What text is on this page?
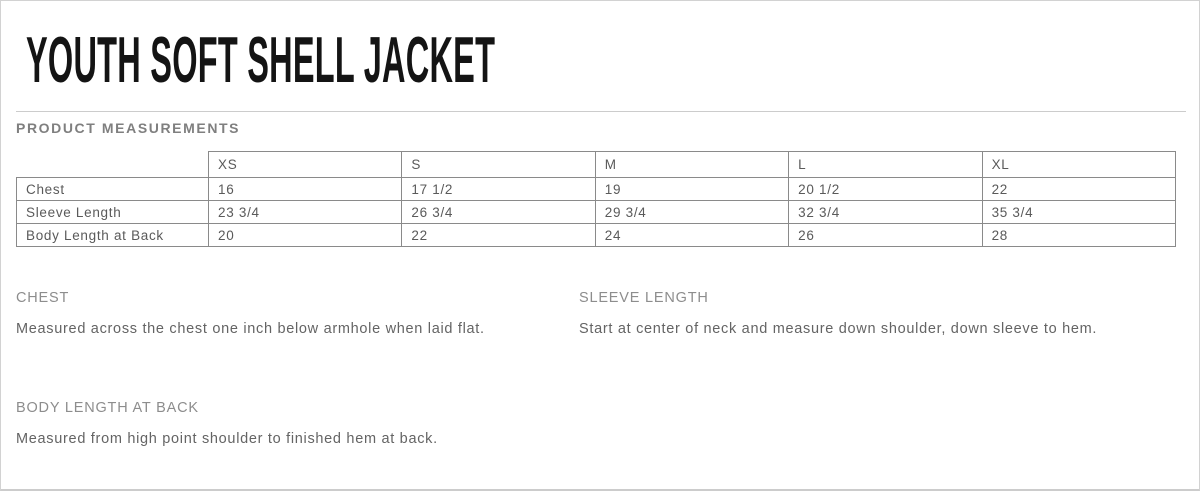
YOUTH SOFT SHELL JACKET
PRODUCT MEASUREMENTS
	XS	S	M	L	XL
Chest	16	17 1/2	19	20 1/2	22
Sleeve Length	23 3/4	26 3/4	29 3/4	32 3/4	35 3/4
Body Length at Back	20	22	24	26	28
CHEST
Measured across the chest one inch below armhole when laid flat.
SLEEVE LENGTH
Start at center of neck and measure down shoulder, down sleeve to hem.
BODY LENGTH AT BACK
Measured from high point shoulder to finished hem at back.
